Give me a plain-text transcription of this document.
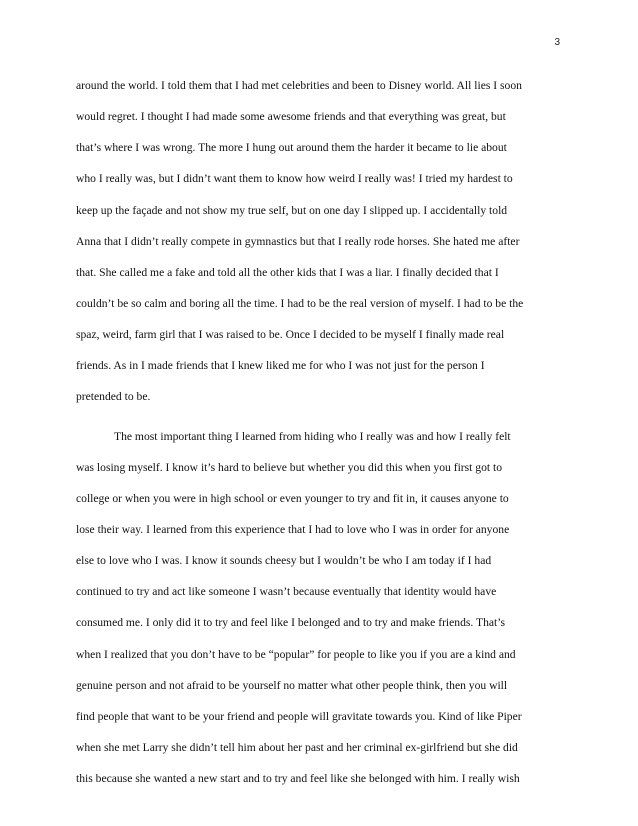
3
around the world. I told them that I had met celebrities and been to Disney world. All lies I soon
would regret. I thought I had made some awesome friends and that everything was great, but
that’s where I was wrong. The more I hung out around them the harder it became to lie about
who I really was, but I didn’t want them to know how weird I really was! I tried my hardest to
keep up the façade and not show my true self, but on one day I slipped up. I accidentally told
Anna that I didn’t really compete in gymnastics but that I really rode horses. She hated me after
that. She called me a fake and told all the other kids that I was a liar. I finally decided that I
couldn’t be so calm and boring all the time. I had to be the real version of myself. I had to be the
spaz, weird, farm girl that I was raised to be. Once I decided to be myself I finally made real
friends. As in I made friends that I knew liked me for who I was not just for the person I
pretended to be.
The most important thing I learned from hiding who I really was and how I really felt
was losing myself. I know it’s hard to believe but whether you did this when you first got to
college or when you were in high school or even younger to try and fit in, it causes anyone to
lose their way. I learned from this experience that I had to love who I was in order for anyone
else to love who I was. I know it sounds cheesy but I wouldn’t be who I am today if I had
continued to try and act like someone I wasn’t because eventually that identity would have
consumed me. I only did it to try and feel like I belonged and to try and make friends. That’s
when I realized that you don’t have to be “popular” for people to like you if you are a kind and
genuine person and not afraid to be yourself no matter what other people think, then you will
find people that want to be your friend and people will gravitate towards you. Kind of like Piper
when she met Larry she didn’t tell him about her past and her criminal ex-girlfriend but she did
this because she wanted a new start and to try and feel like she belonged with him. I really wish
